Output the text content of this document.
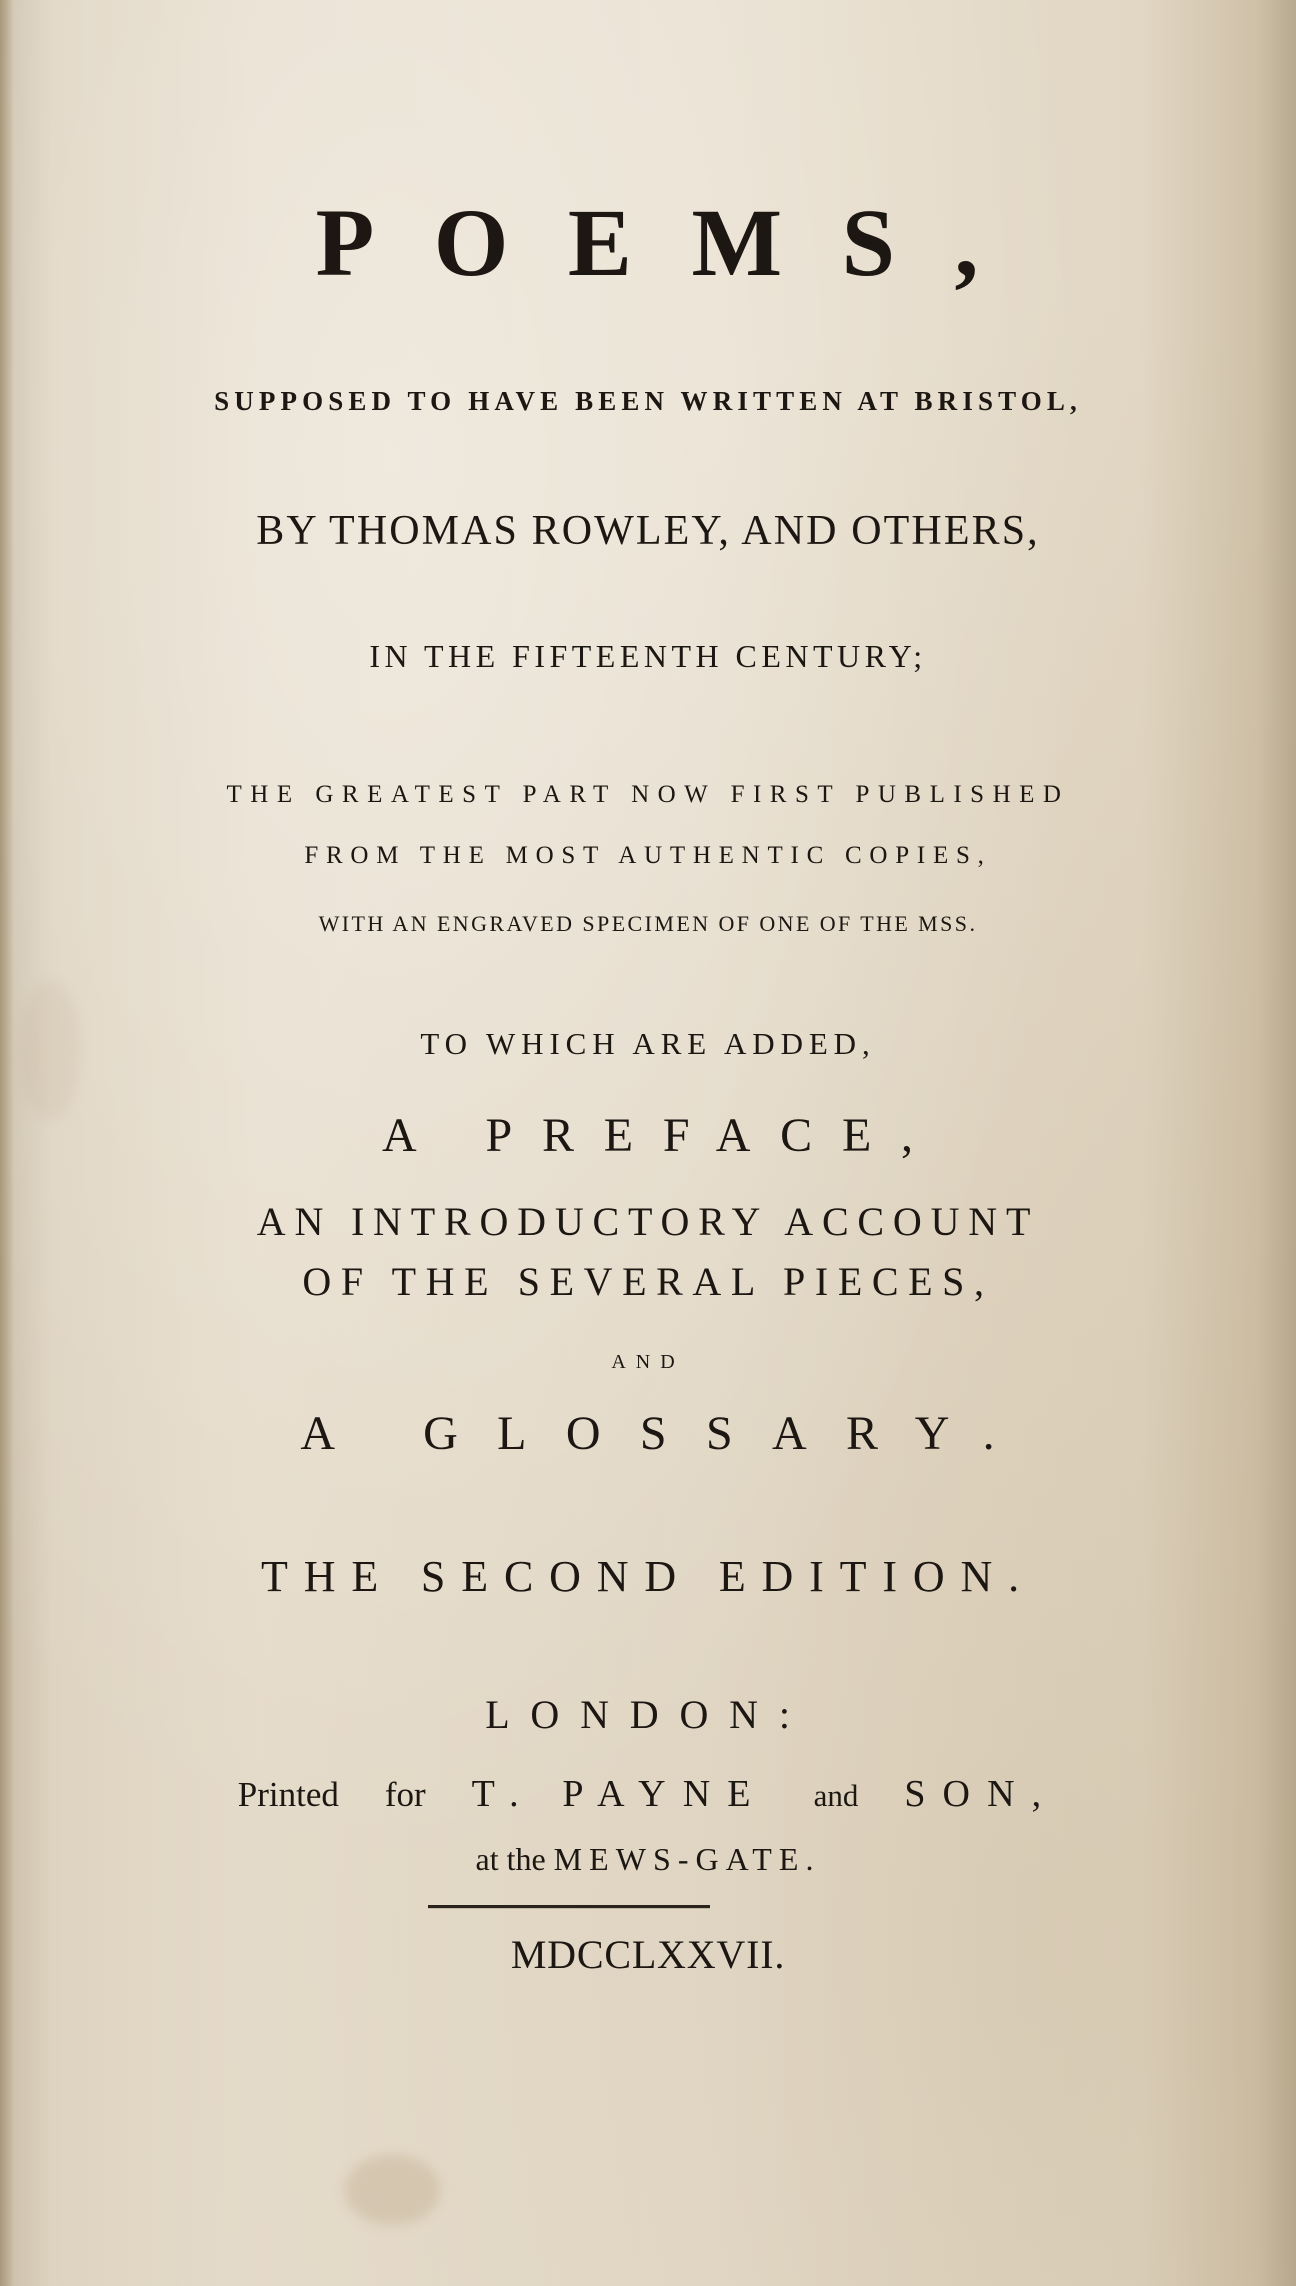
POEMS,
SUPPOSED TO HAVE BEEN WRITTEN AT BRISTOL,
BY THOMAS ROWLEY, AND OTHERS,
IN THE FIFTEENTH CENTURY;
THE GREATEST PART NOW FIRST PUBLISHED
FROM THE MOST AUTHENTIC COPIES,
WITH AN ENGRAVED SPECIMEN OF ONE OF THE MSS.
TO WHICH ARE ADDED,
A PREFACE,
AN INTRODUCTORY ACCOUNT
OF THE SEVERAL PIECES,
AND
A GLOSSARY.
THE SECOND EDITION.
LONDON:
Printed for T. PAYNE and SON,
at the MEWS-GATE.
MDCCLXXVII.
